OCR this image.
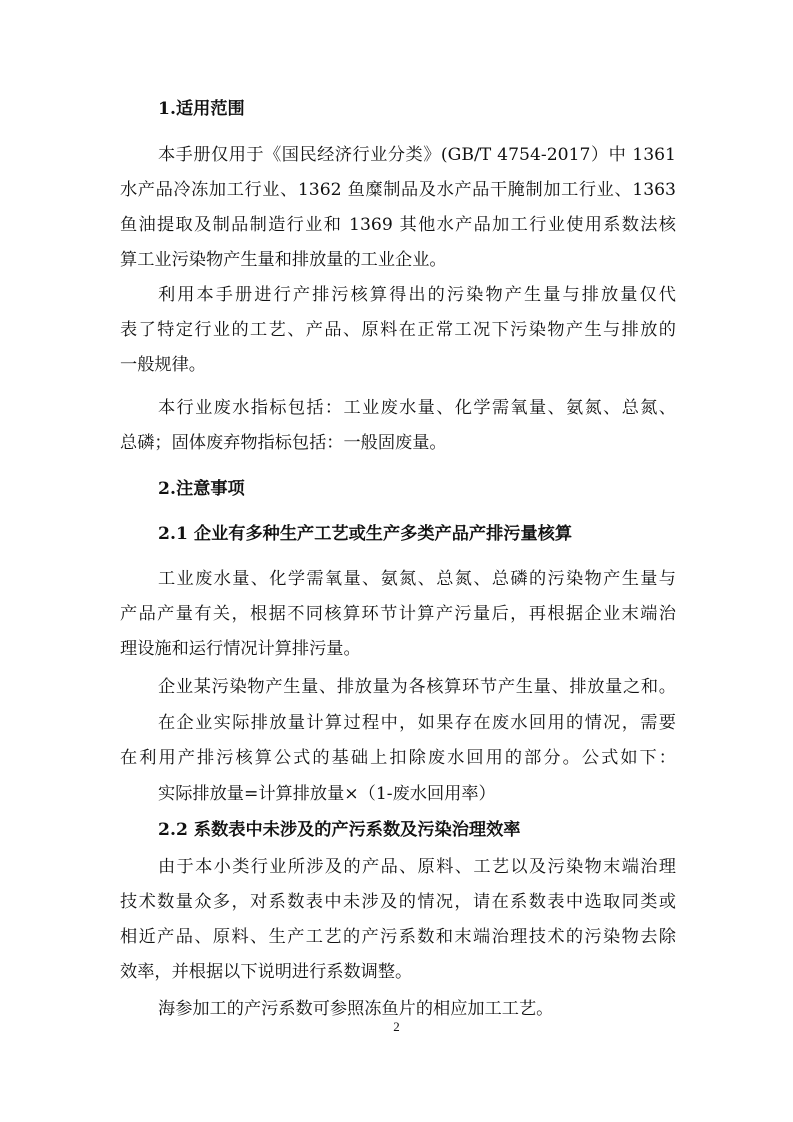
1.适用范围
本手册仅用于《国民经济行业分类》(GB/T 4754-2017）中 1361
水产品冷冻加工行业、1362 鱼糜制品及水产品干腌制加工行业、1363
鱼油提取及制品制造行业和 1369 其他水产品加工行业使用系数法核
算工业污染物产生量和排放量的工业企业。
利用本手册进行产排污核算得出的污染物产生量与排放量仅代
表了特定行业的工艺、产品、原料在正常工况下污染物产生与排放的
一般规律。
本行业废水指标包括：工业废水量、化学需氧量、氨氮、总氮、
总磷；固体废弃物指标包括：一般固废量。
2.注意事项
2.1 企业有多种生产工艺或生产多类产品产排污量核算
工业废水量、化学需氧量、氨氮、总氮、总磷的污染物产生量与
产品产量有关，根据不同核算环节计算产污量后，再根据企业末端治
理设施和运行情况计算排污量。
企业某污染物产生量、排放量为各核算环节产生量、排放量之和。
在企业实际排放量计算过程中，如果存在废水回用的情况，需要
在利用产排污核算公式的基础上扣除废水回用的部分。公式如下：
实际排放量=计算排放量×（1-废水回用率）
2.2 系数表中未涉及的产污系数及污染治理效率
由于本小类行业所涉及的产品、原料、工艺以及污染物末端治理
技术数量众多，对系数表中未涉及的情况，请在系数表中选取同类或
相近产品、原料、生产工艺的产污系数和末端治理技术的污染物去除
效率，并根据以下说明进行系数调整。
海参加工的产污系数可参照冻鱼片的相应加工工艺。
2
